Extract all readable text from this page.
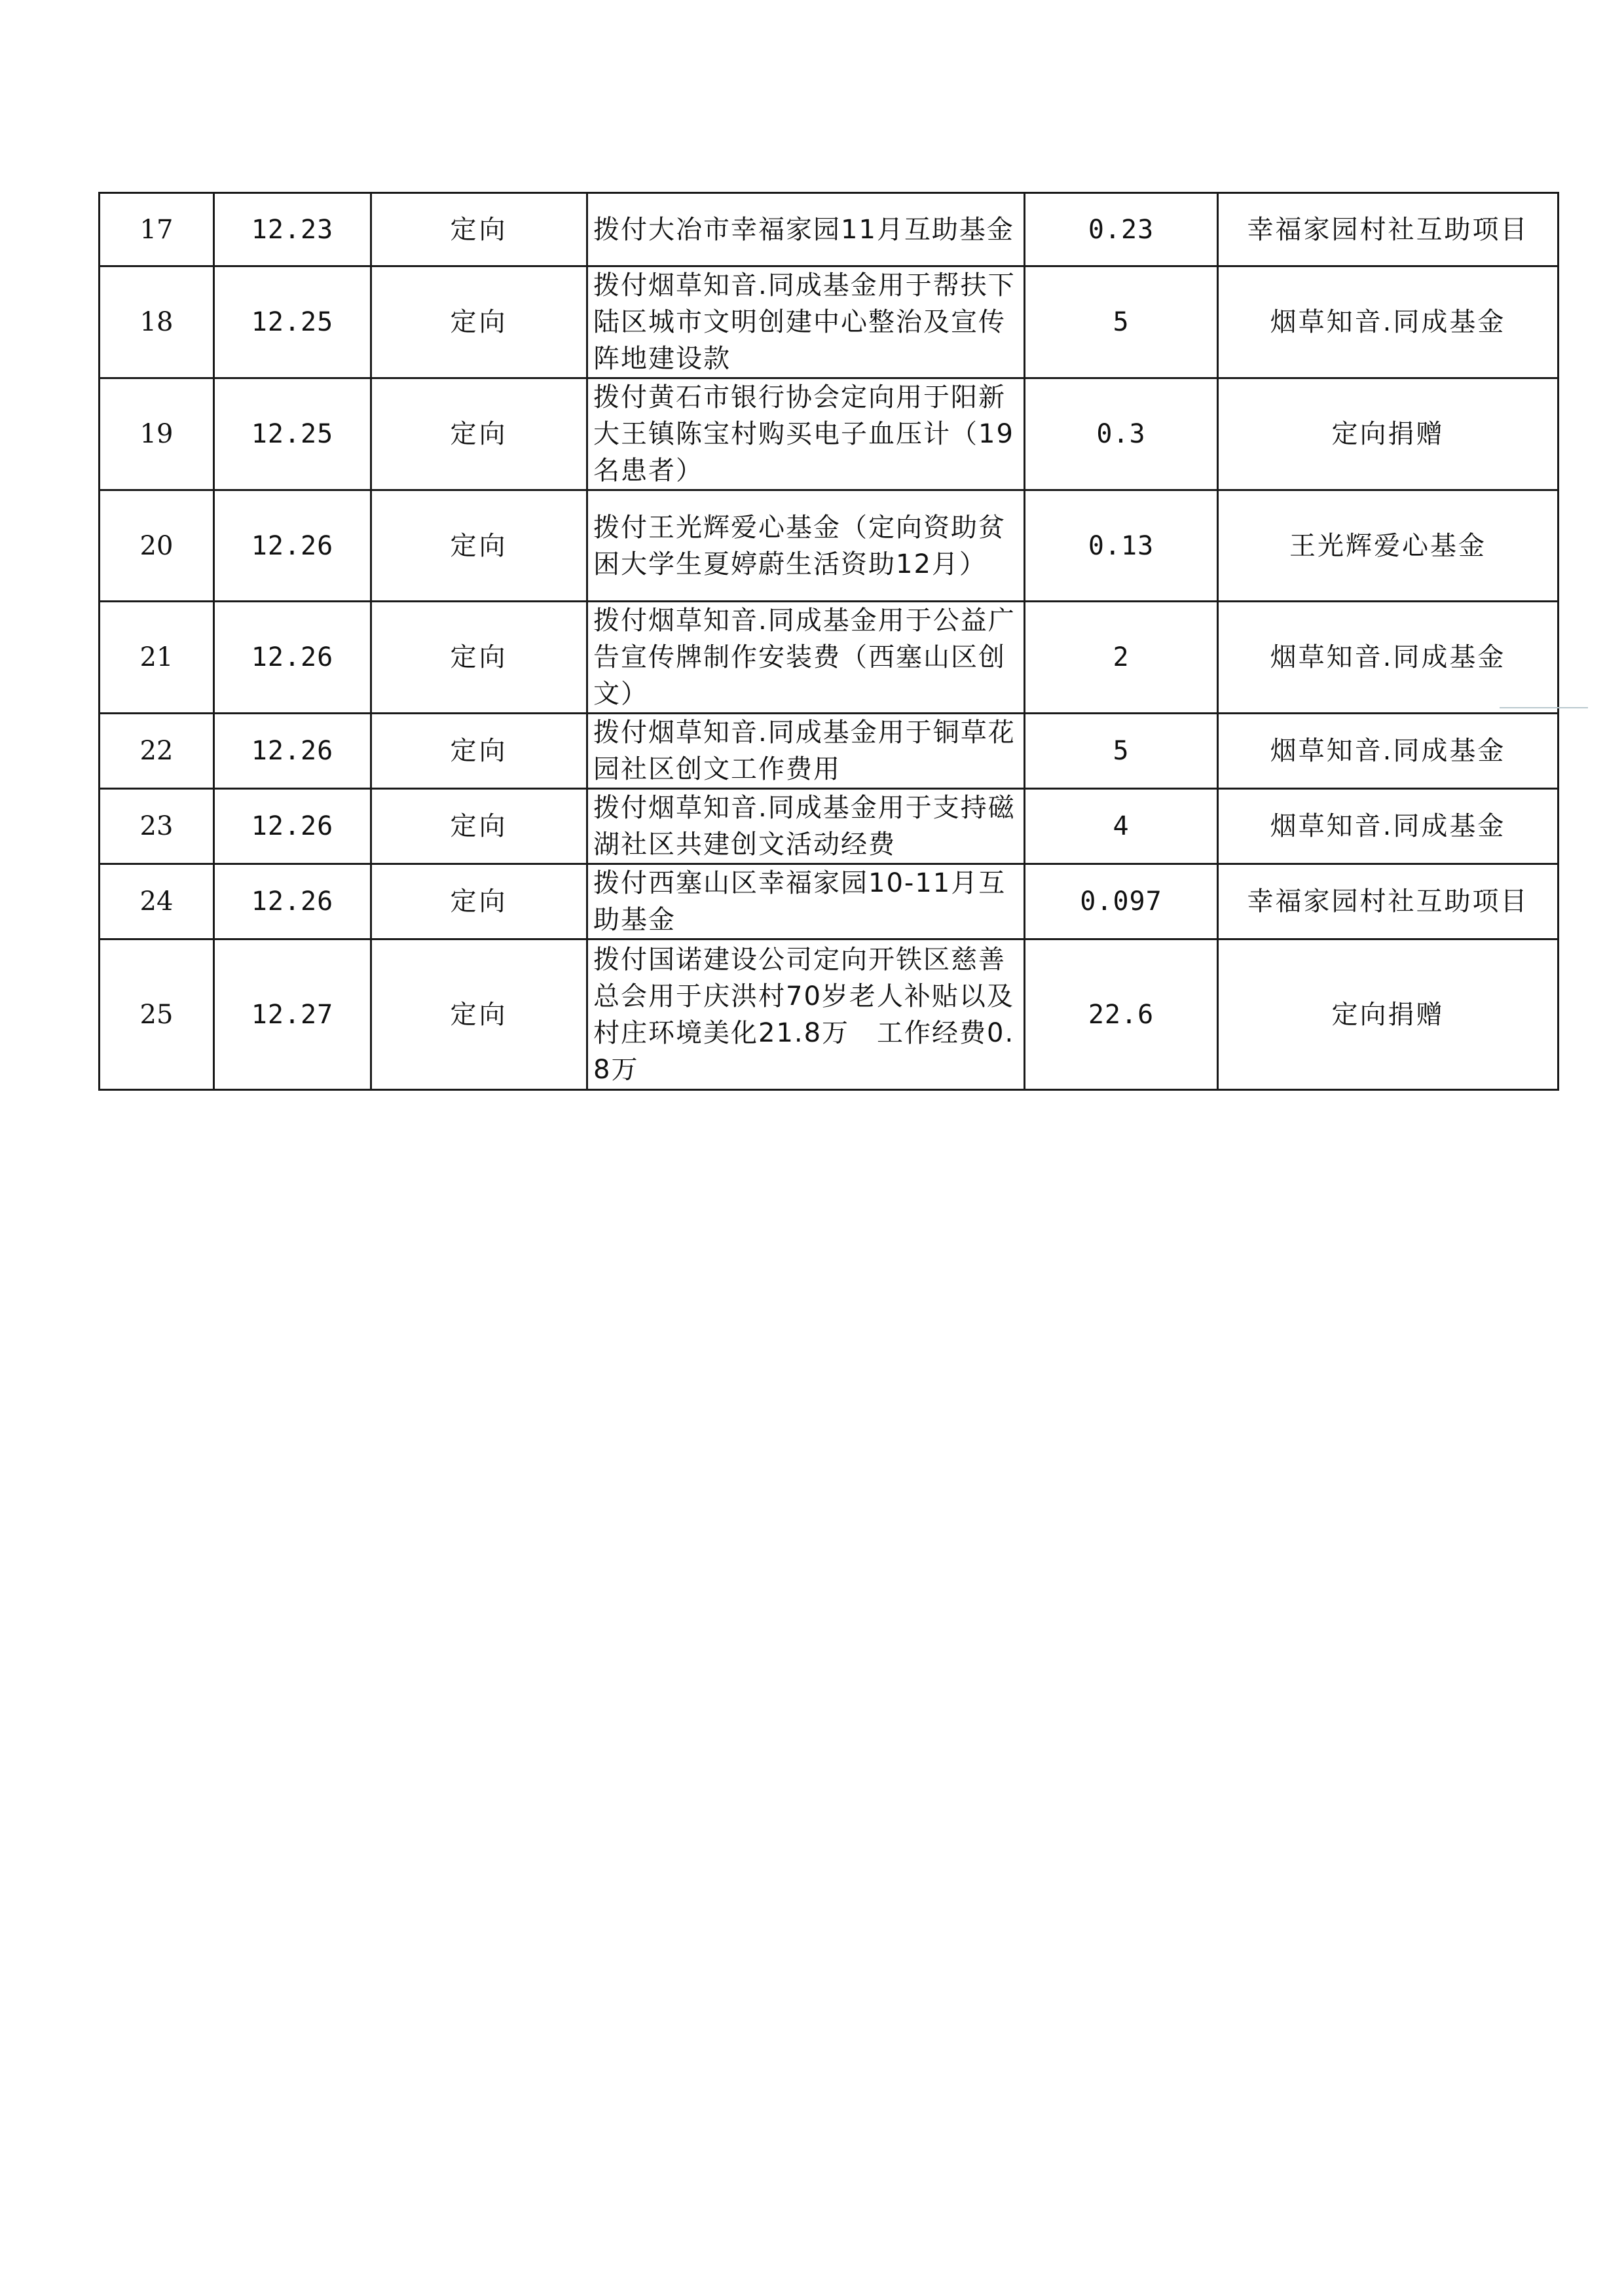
17	12.23	定向	拨付大冶市幸福家园11月互助基金	0.23	幸福家园村社互助项目
18	12.25	定向	拨付烟草知音.同成基金用于帮扶下陆区城市文明创建中心整治及宣传阵地建设款	5	烟草知音.同成基金
19	12.25	定向	拨付黄石市银行协会定向用于阳新大王镇陈宝村购买电子血压计（19名患者）	0.3	定向捐赠
20	12.26	定向	拨付王光辉爱心基金（定向资助贫困大学生夏婷蔚生活资助12月）	0.13	王光辉爱心基金
21	12.26	定向	拨付烟草知音.同成基金用于公益广告宣传牌制作安装费（西塞山区创文）	2	烟草知音.同成基金
22	12.26	定向	拨付烟草知音.同成基金用于铜草花园社区创文工作费用	5	烟草知音.同成基金
23	12.26	定向	拨付烟草知音.同成基金用于支持磁湖社区共建创文活动经费	4	烟草知音.同成基金
24	12.26	定向	拨付西塞山区幸福家园10-11月互助基金	0.097	幸福家园村社互助项目
25	12.27	定向	拨付国诺建设公司定向开铁区慈善总会用于庆洪村70岁老人补贴以及村庄环境美化21.8万　工作经费0.8万	22.6	定向捐赠
